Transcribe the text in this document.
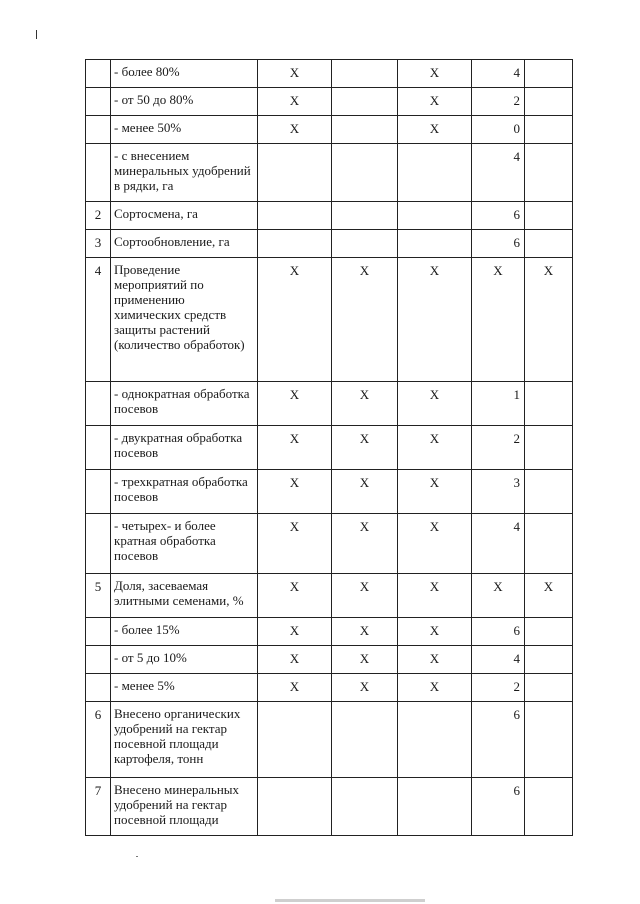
	- более 80%	X		X	4	
	- от 50 до 80%	X		X	2	
	- менее 50%	X		X	0	
	- с внесением минеральных удобрений в рядки, га				4	
2	Сортосмена, га				6	
3	Сортообновление, га				6	
4	Проведение мероприятий по применению химических средств защиты растений (количество обработок)	X	X	X	X	X
	- однократная обработка посевов	X	X	X	1	
	- двукратная обработка посевов	X	X	X	2	
	- трехкратная обработка посевов	X	X	X	3	
	- четырех- и более кратная обработка посевов	X	X	X	4	
5	Доля, засеваемая элитными семенами, %	X	X	X	X	X
	- более 15%	X	X	X	6	
	- от 5 до 10%	X	X	X	4	
	- менее 5%	X	X	X	2	
6	Внесено органических удобрений на гектар посевной площади картофеля, тонн				6	
7	Внесено минеральных удобрений на гектар посевной площади				6	
